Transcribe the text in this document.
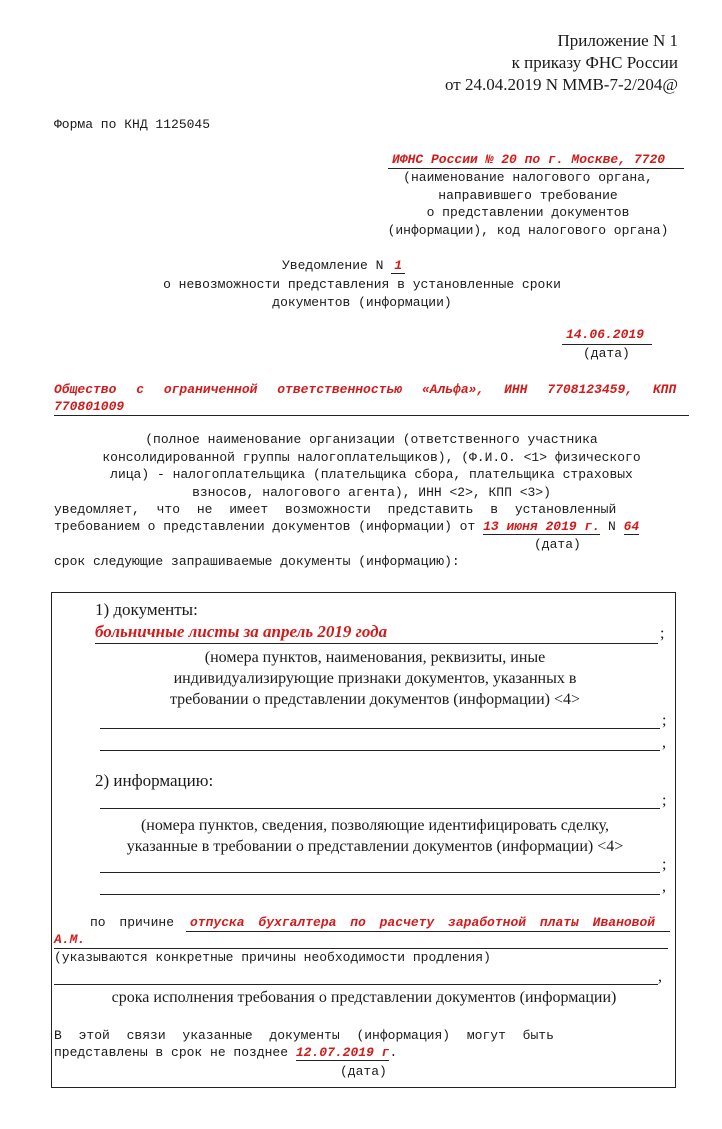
Приложение N 1
к приказу ФНС России
от 24.04.2019 N ММВ-7-2/204@
Форма по КНД 1125045
ИФНС России № 20 по г. Москве, 7720
(наименование налогового органа,
направившего требование
о представлении документов
(информации), код налогового органа)
Уведомление N 1
о невозможности представления в установленные сроки
документов (информации)
14.06.2019
(дата)
Общество с ограниченной ответственностью «Альфа», ИНН 7708123459, КПП
770801009
(полное наименование организации (ответственного участника
консолидированной группы налогоплательщиков), (Ф.И.О. <1> физического
лица) - налогоплательщика (плательщика сбора, плательщика страховых
взносов, налогового агента), ИНН <2>, КПП <3>)
уведомляет, что не имеет возможности представить в установленный
требованием о представлении документов (информации) от 13 июня 2019 г. N 64
(дата)
срок следующие запрашиваемые документы (информацию):
1) документы:
больничные листы за апрель 2019 года	;
(номера пунктов, наименования, реквизиты, иные
индивидуализирующие признаки документов, указанных в
требовании о представлении документов (информации) <4>
;
,
2) информацию:
;
(номера пунктов, сведения, позволяющие идентифицировать сделку,
указанные в требовании о представлении документов (информации) <4>
;
,
по причине отпуска бухгалтера по расчету заработной платы Ивановой
А.М.
(указываются конкретные причины необходимости продления)
,
срока исполнения требования о представлении документов (информации)
В этой связи указанные документы (информация) могут быть
представлены в срок не позднее 12.07.2019 г.
(дата)
